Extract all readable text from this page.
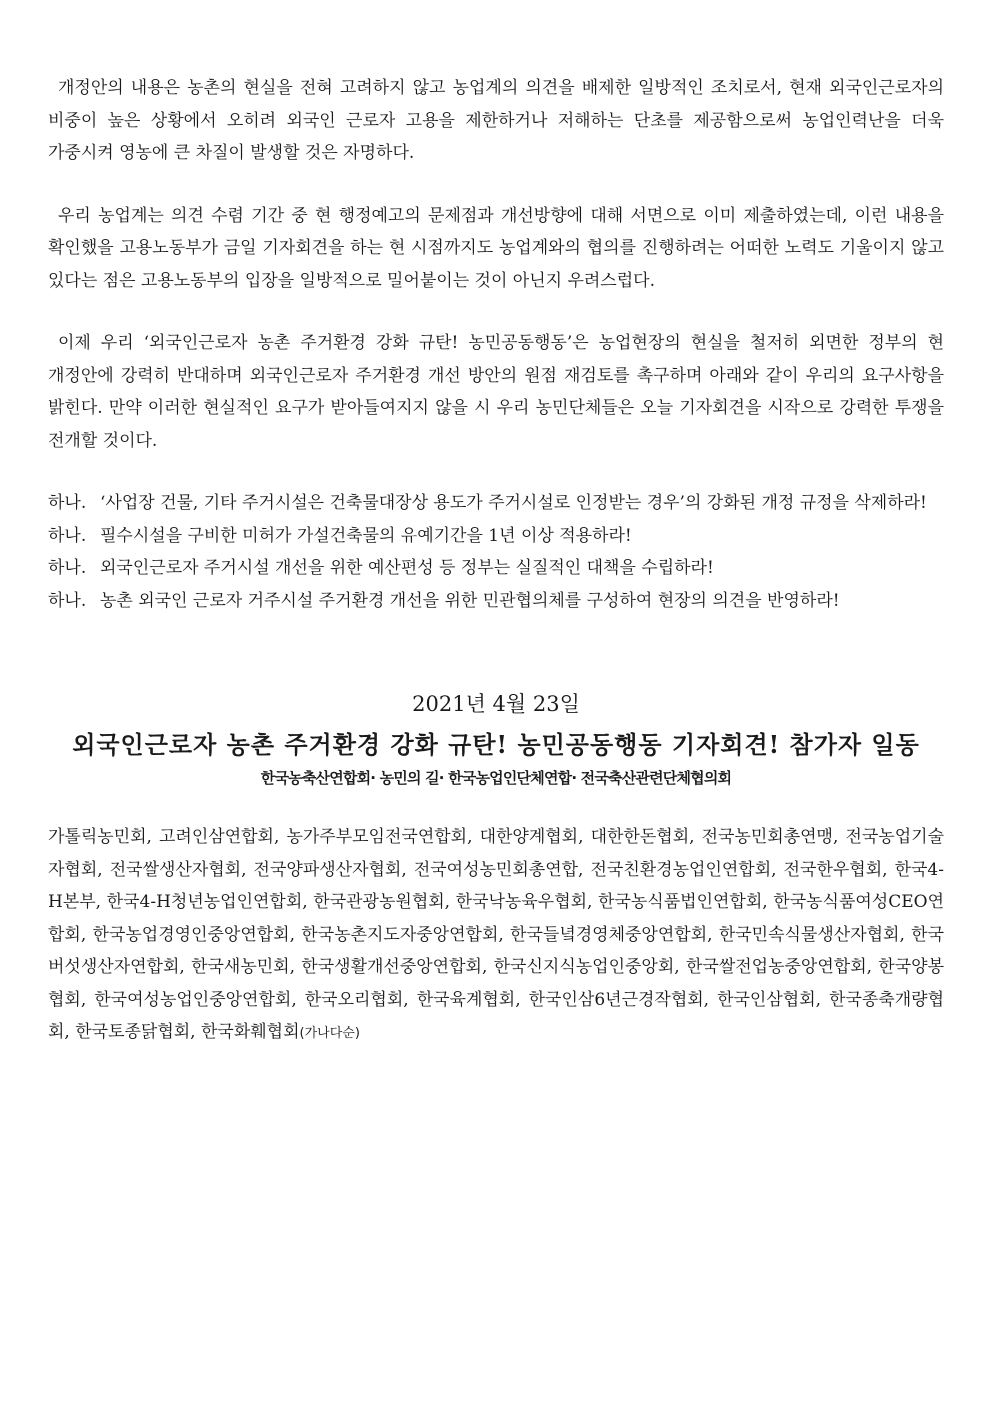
개정안의 내용은 농촌의 현실을 전혀 고려하지 않고 농업계의 의견을 배제한 일방적인 조치로서, 현재 외국인근로자의 비중이 높은 상황에서 오히려 외국인 근로자 고용을 제한하거나 저해하는 단초를 제공함으로써 농업인력난을 더욱 가중시켜 영농에 큰 차질이 발생할 것은 자명하다.

우리 농업계는 의견 수렴 기간 중 현 행정예고의 문제점과 개선방향에 대해 서면으로 이미 제출하였는데, 이런 내용을 확인했을 고용노동부가 금일 기자회견을 하는 현 시점까지도 농업계와의 협의를 진행하려는 어떠한 노력도 기울이지 않고 있다는 점은 고용노동부의 입장을 일방적으로 밀어붙이는 것이 아닌지 우려스럽다.

이제 우리 ‘외국인근로자 농촌 주거환경 강화 규탄! 농민공동행동’은 농업현장의 현실을 철저히 외면한 정부의 현 개정안에 강력히 반대하며 외국인근로자 주거환경 개선 방안의 원점 재검토를 촉구하며 아래와 같이 우리의 요구사항을 밝힌다. 만약 이러한 현실적인 요구가 받아들여지지 않을 시 우리 농민단체들은 오늘 기자회견을 시작으로 강력한 투쟁을 전개할 것이다.

하나. ‘사업장 건물, 기타 주거시설은 건축물대장상 용도가 주거시설로 인정받는 경우’의 강화된 개정 규정을 삭제하라!
하나. 필수시설을 구비한 미허가 가설건축물의 유예기간을 1년 이상 적용하라!
하나. 외국인근로자 주거시설 개선을 위한 예산편성 등 정부는 실질적인 대책을 수립하라!
하나. 농촌 외국인 근로자 거주시설 주거환경 개선을 위한 민관협의체를 구성하여 현장의 의견을 반영하라!
2021년 4월 23일
외국인근로자 농촌 주거환경 강화 규탄! 농민공동행동 기자회견! 참가자 일동
한국농축산연합회· 농민의 길· 한국농업인단체연합· 전국축산관련단체협의회
가톨릭농민회, 고려인삼연합회, 농가주부모임전국연합회, 대한양계협회, 대한한돈협회, 전국농민회총연맹, 전국농업기술자협회, 전국쌀생산자협회, 전국양파생산자협회, 전국여성농민회총연합, 전국친환경농업인연합회, 전국한우협회, 한국4-H본부, 한국4-H청년농업인연합회, 한국관광농원협회, 한국낙농육우협회, 한국농식품법인연합회, 한국농식품여성CEO연합회, 한국농업경영인중앙연합회, 한국농촌지도자중앙연합회, 한국들녘경영체중앙연합회, 한국민속식물생산자협회, 한국버섯생산자연합회, 한국새농민회, 한국생활개선중앙연합회, 한국신지식농업인중앙회, 한국쌀전업농중앙연합회, 한국양봉협회, 한국여성농업인중앙연합회, 한국오리협회, 한국육계협회, 한국인삼6년근경작협회, 한국인삼협회, 한국종축개량협회, 한국토종닭협회, 한국화훼협회(가나다순)
